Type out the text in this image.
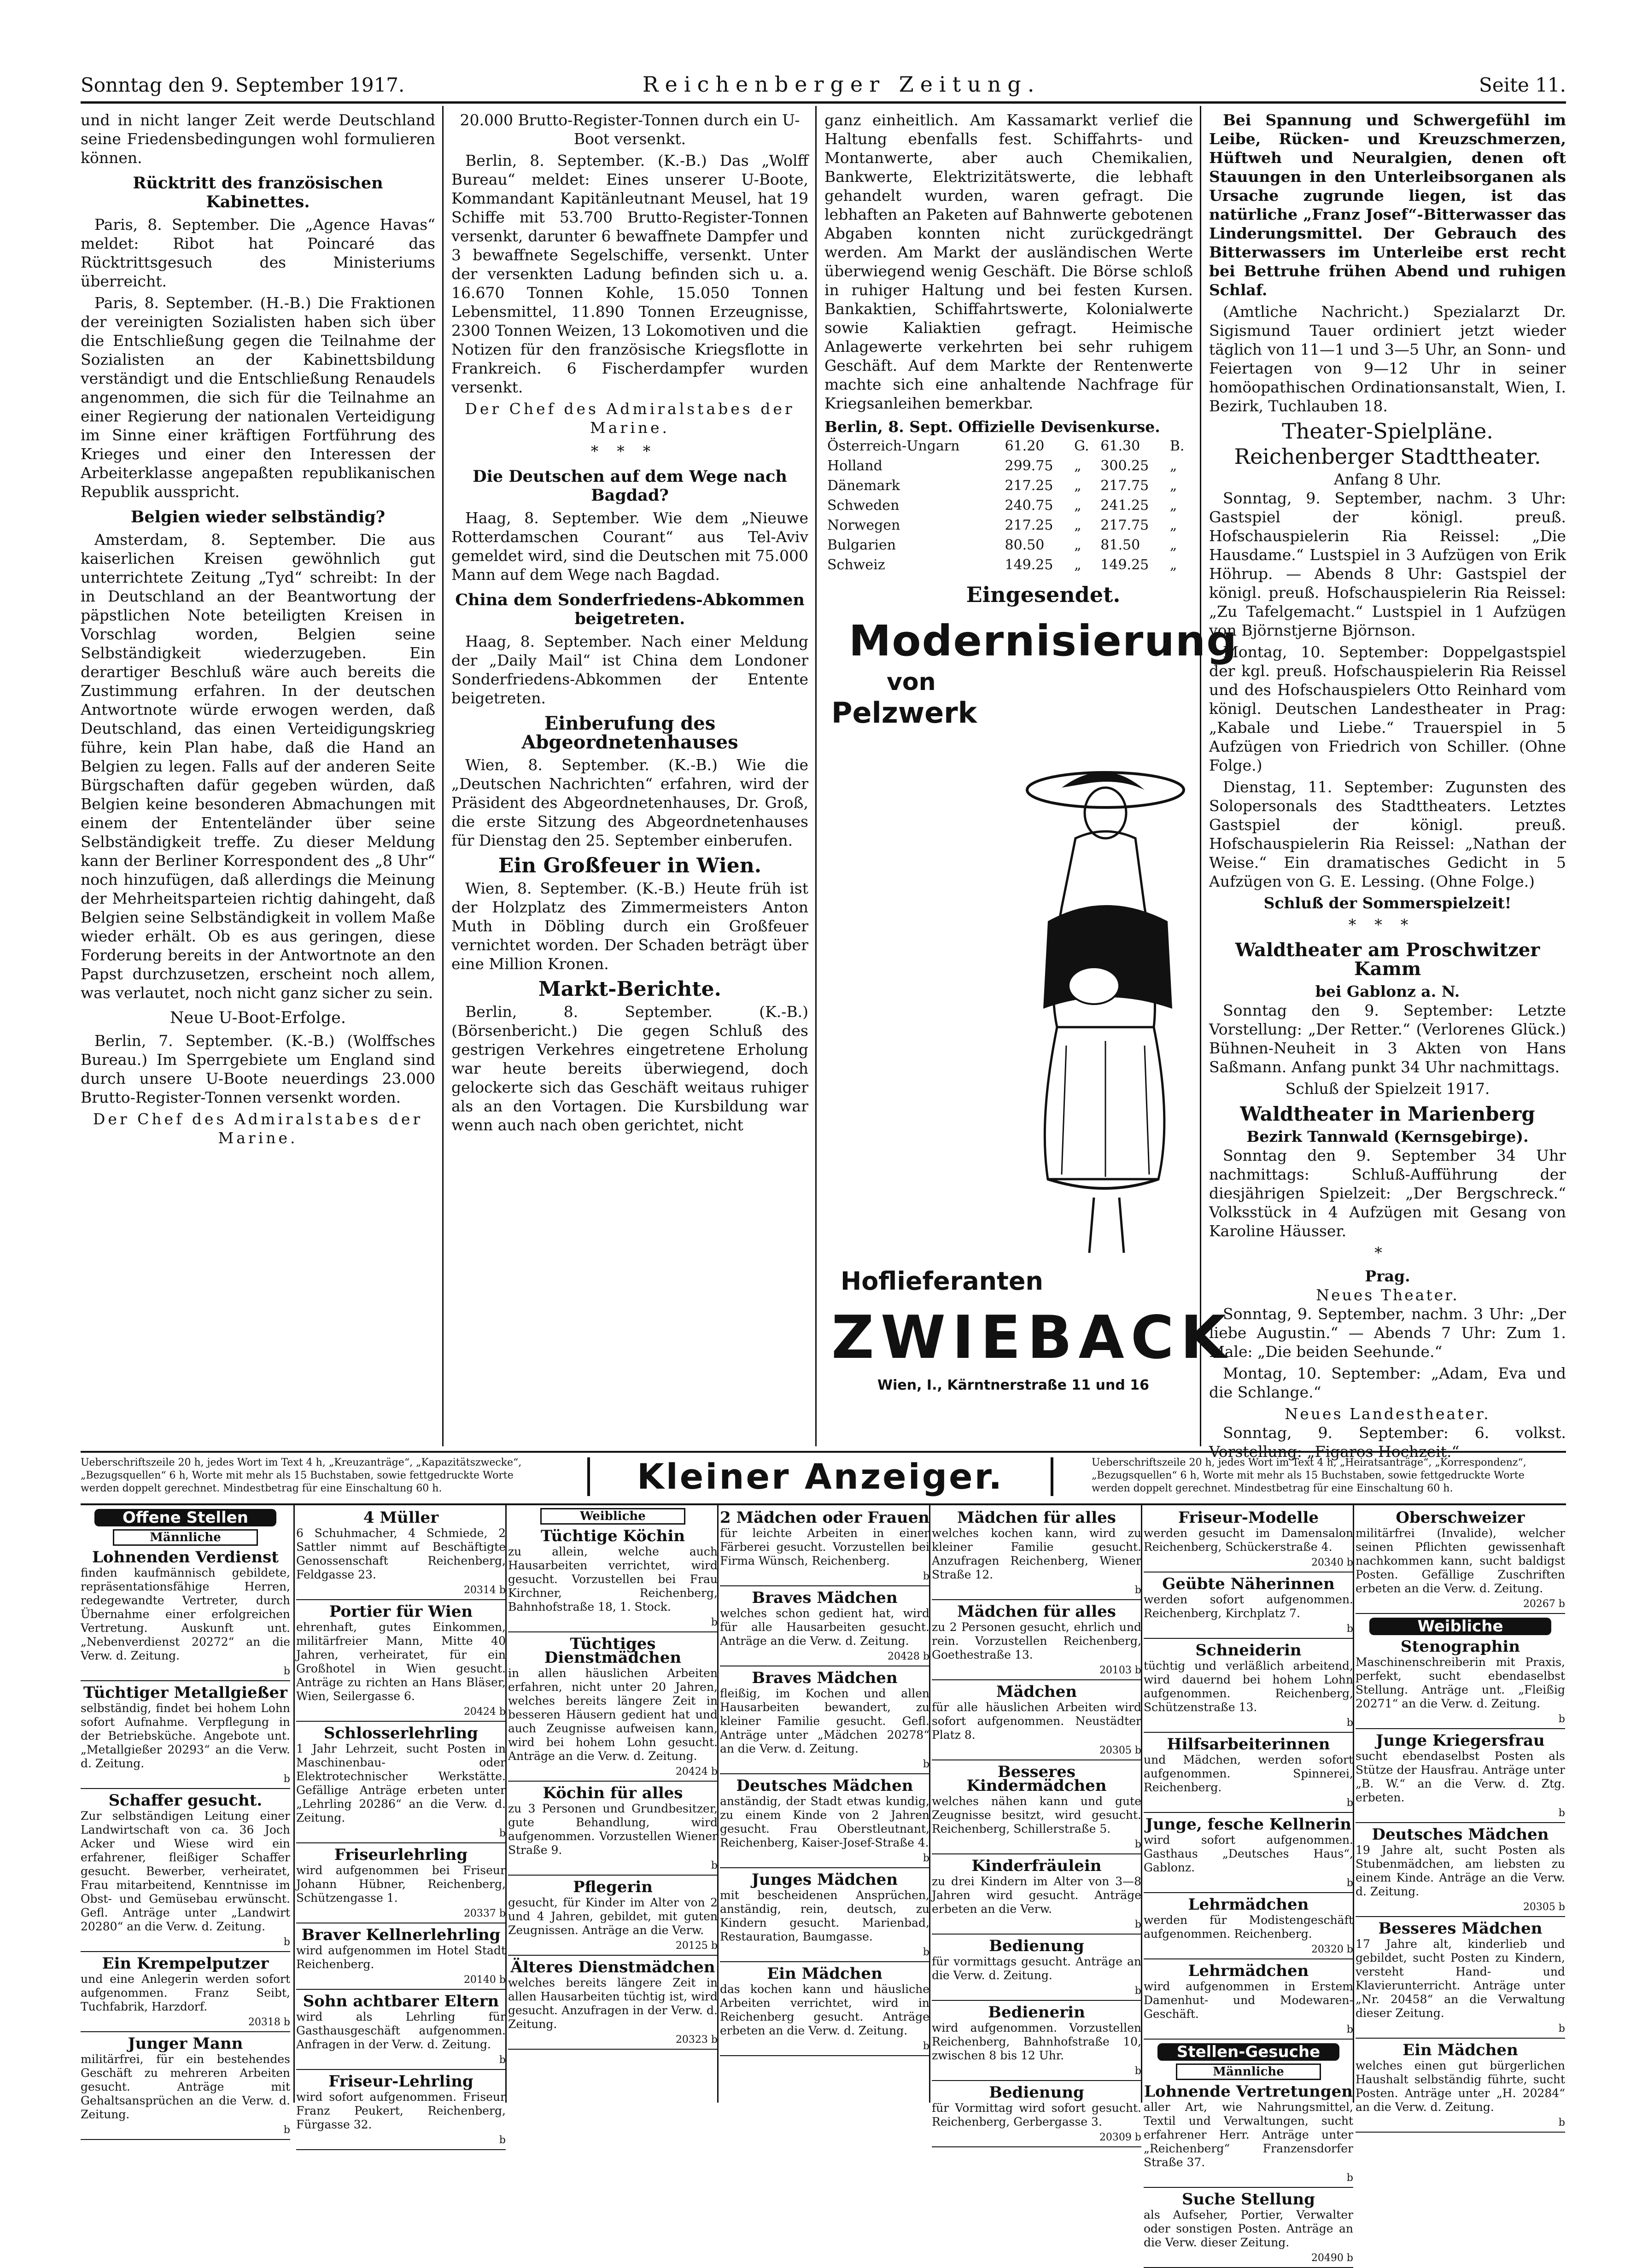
Sonntag den 9. September 1917.	Reichenberger Zeitung.	Seite 11.

und in nicht langer Zeit werde Deutschland seine Friedensbedingungen wohl formulieren können.

Rücktritt des französischen Kabinettes.

Paris, 8. September. Die „Agence Havas“ meldet: Ribot hat Poincaré das Rücktrittsgesuch des Ministeriums überreicht.

Paris, 8. September. (H.-B.) Die Fraktionen der vereinigten Sozialisten haben sich über die Entschließung gegen die Teilnahme der Sozialisten an der Kabinettsbildung verständigt und die Entschließung Renaudels angenommen, die sich für die Teilnahme an einer Regierung der nationalen Verteidigung im Sinne einer kräftigen Fortführung des Krieges und einer den Interessen der Arbeiterklasse angepaßten republikanischen Republik ausspricht.

Belgien wieder selbständig?

Amsterdam, 8. September. Die aus kaiserlichen Kreisen gewöhnlich gut unterrichtete Zeitung „Tyd“ schreibt: In der in Deutschland an der Beantwortung der päpstlichen Note beteiligten Kreisen in Vorschlag worden, Belgien seine Selbständigkeit wiederzugeben. Ein derartiger Beschluß wäre auch bereits die Zustimmung erfahren. In der deutschen Antwortnote würde erwogen werden, daß Deutschland, das einen Verteidigungskrieg führe, kein Plan habe, daß die Hand an Belgien zu legen. Falls auf der anderen Seite Bürgschaften dafür gegeben würden, daß Belgien keine besonderen Abmachungen mit einem der Ententeländer über seine Selbständigkeit treffe. Zu dieser Meldung kann der Berliner Korrespondent des „8 Uhr“ noch hinzufügen, daß allerdings die Meinung der Mehrheitsparteien richtig dahingeht, daß Belgien seine Selbständigkeit in vollem Maße wieder erhält. Ob es aus geringen, diese Forderung bereits in der Antwortnote an den Papst durchzusetzen, erscheint noch allem, was verlautet, noch nicht ganz sicher zu sein.

Neue U-Boot-Erfolge.

Berlin, 7. September. (K.-B.) (Wolffsches Bureau.) Im Sperrgebiete um England sind durch unsere U-Boote neuerdings 23.000 Brutto-Register-Tonnen versenkt worden.

Der Chef des Admiralstabes der Marine.

20.000 Brutto-Register-Tonnen durch ein U-Boot versenkt.

Berlin, 8. September. (K.-B.) Das „Wolff Bureau“ meldet: Eines unserer U-Boote, Kommandant Kapitänleutnant Meusel, hat 19 Schiffe mit 53.700 Brutto-Register-Tonnen versenkt, darunter 6 bewaffnete Dampfer und 3 bewaffnete Segelschiffe, versenkt. Unter der versenkten Ladung befinden sich u. a. 16.670 Tonnen Kohle, 15.050 Tonnen Lebensmittel, 11.890 Tonnen Erzeugnisse, 2300 Tonnen Weizen, 13 Lokomotiven und die Notizen für den französische Kriegsflotte in Frankreich. 6 Fischerdampfer wurden versenkt.

Der Chef des Admiralstabes der Marine.
***
Die Deutschen auf dem Wege nach Bagdad?

Haag, 8. September. Wie dem „Nieuwe Rotterdamschen Courant“ aus Tel-Aviv gemeldet wird, sind die Deutschen mit 75.000 Mann auf dem Wege nach Bagdad.

China dem Sonderfriedens-Abkommen beigetreten.

Haag, 8. September. Nach einer Meldung der „Daily Mail“ ist China dem Londoner Sonderfriedens-Abkommen der Entente beigetreten.

Einberufung des Abgeordnetenhauses

Wien, 8. September. (K.-B.) Wie die „Deutschen Nachrichten“ erfahren, wird der Präsident des Abgeordnetenhauses, Dr. Groß, die erste Sitzung des Abgeordnetenhauses für Dienstag den 25. September einberufen.

Ein Großfeuer in Wien.

Wien, 8. September. (K.-B.) Heute früh ist der Holzplatz des Zimmermeisters Anton Muth in Döbling durch ein Großfeuer vernichtet worden. Der Schaden beträgt über eine Million Kronen.

Markt-Berichte.

Berlin, 8. September. (K.-B.) (Börsenbericht.) Die gegen Schluß des gestrigen Verkehres eingetretene Erholung war heute bereits überwiegend, doch gelockerte sich das Geschäft weitaus ruhiger als an den Vortagen. Die Kursbildung war wenn auch nach oben gerichtet, nicht

ganz einheitlich. Am Kassamarkt verlief die Haltung ebenfalls fest. Schiffahrts- und Montanwerte, aber auch Chemikalien, Bankwerte, Elektrizitätswerte, die lebhaft gehandelt wurden, waren gefragt. Die lebhaften an Paketen auf Bahnwerte gebotenen Abgaben konnten nicht zurückgedrängt werden. Am Markt der ausländischen Werte überwiegend wenig Geschäft. Die Börse schloß in ruhiger Haltung und bei festen Kursen. Bankaktien, Schiffahrtswerte, Kolonialwerte sowie Kaliaktien gefragt. Heimische Anlagewerte verkehrten bei sehr ruhigem Geschäft. Auf dem Markte der Rentenwerte machte sich eine anhaltende Nachfrage für Kriegsanleihen bemerkbar.

Berlin, 8. Sept. Offizielle Devisenkurse.
Österreich-Ungarn	61.20	G.	61.30	B.
Holland	299.75	„	300.25	„
Dänemark	217.25	„	217.75	„
Schweden	240.75	„	241.25	„
Norwegen	217.25	„	217.75	„
Bulgarien	80.50	„	81.50	„
Schweiz	149.25	„	149.25	„
Eingesendet.
Modernisierung
von
Pelzwerk
Hoflieferanten
ZWIEBACK
Wien, I., Kärntnerstraße 11 und 16

Bei Spannung und Schwergefühl im Leibe, Rücken- und Kreuzschmerzen, Hüftweh und Neuralgien, denen oft Stauungen in den Unterleibsorganen als Ursache zugrunde liegen, ist das natürliche „Franz Josef“-Bitterwasser das Linderungsmittel. Der Gebrauch des Bitterwassers im Unterleibe erst recht bei Bettruhe frühen Abend und ruhigen Schlaf.

(Amtliche Nachricht.) Spezialarzt Dr. Sigismund Tauer ordiniert jetzt wieder täglich von 11—1 und 3—5 Uhr, an Sonn- und Feiertagen von 9—12 Uhr in seiner homöopathischen Ordinationsanstalt, Wien, I. Bezirk, Tuchlauben 18.

Theater-Spielpläne.
Reichenberger Stadttheater.
Anfang 8 Uhr.

Sonntag, 9. September, nachm. 3 Uhr: Gastspiel der königl. preuß. Hofschauspielerin Ria Reissel: „Die Hausdame.“ Lustspiel in 3 Aufzügen von Erik Höhrup. — Abends 8 Uhr: Gastspiel der königl. preuß. Hofschauspielerin Ria Reissel: „Zu Tafelgemacht.“ Lustspiel in 1 Aufzügen von Björnstjerne Björnson.

Montag, 10. September: Doppelgastspiel der kgl. preuß. Hofschauspielerin Ria Reissel und des Hofschauspielers Otto Reinhard vom königl. Deutschen Landestheater in Prag: „Kabale und Liebe.“ Trauerspiel in 5 Aufzügen von Friedrich von Schiller. (Ohne Folge.)

Dienstag, 11. September: Zugunsten des Solopersonals des Stadttheaters. Letztes Gastspiel der königl. preuß. Hofschauspielerin Ria Reissel: „Nathan der Weise.“ Ein dramatisches Gedicht in 5 Aufzügen von G. E. Lessing. (Ohne Folge.)

Schluß der Sommerspielzeit!
***
Waldtheater am Proschwitzer Kamm
bei Gablonz a. N.

Sonntag den 9. September: Letzte Vorstellung: „Der Retter.“ (Verlorenes Glück.) Bühnen-Neuheit in 3 Akten von Hans Saßmann. Anfang punkt 34 Uhr nachmittags.

Schluß der Spielzeit 1917.
Waldtheater in Marienberg
Bezirk Tannwald (Kernsgebirge).

Sonntag den 9. September 34 Uhr nachmittags: Schluß-Aufführung der diesjährigen Spielzeit: „Der Bergschreck.“ Volksstück in 4 Aufzügen mit Gesang von Karoline Häusser.

*
Prag.
Neues Theater.

Sonntag, 9. September, nachm. 3 Uhr: „Der liebe Augustin.“ — Abends 7 Uhr: Zum 1. Male: „Die beiden Seehunde.“

Montag, 10. September: „Adam, Eva und die Schlange.“

Neues Landestheater.

Sonntag, 9. September: 6. volkst. Vorstellung: „Figaros Hochzeit.“

Ueberschriftszeile 20 h, jedes Wort im Text 4 h, „Kreuzanträge“, „Kapazitätszwecke“, „Bezugsquellen“ 6 h, Worte mit mehr als 15 Buchstaben, sowie fettgedruckte Worte werden doppelt gerechnet. Mindestbetrag für eine Einschaltung 60 h.	Kleiner Anzeiger.	Ueberschriftszeile 20 h, jedes Wort im Text 4 h, „Heiratsanträge“, „Korrespondenz“, „Bezugsquellen“ 6 h, Worte mit mehr als 15 Buchstaben, sowie fettgedruckte Worte werden doppelt gerechnet. Mindestbetrag für eine Einschaltung 60 h.
Offene Stellen
Männliche
Lohnenden Verdienst
finden kaufmännisch gebildete, repräsentationsfähige Herren, redegewandte Vertreter, durch Übernahme einer erfolgreichen Vertretung. Auskunft unt. „Nebenverdienst 20272“ an die Verw. d. Zeitung.
b
Tüchtiger Metallgießer
selbständig, findet bei hohem Lohn sofort Aufnahme. Verpflegung in der Betriebsküche. Angebote unt. „Metallgießer 20293“ an die Verw. d. Zeitung.
b
Schaffer gesucht.
Zur selbständigen Leitung einer Landwirtschaft von ca. 36 Joch Acker und Wiese wird ein erfahrener, fleißiger Schaffer gesucht. Bewerber, verheiratet, Frau mitarbeitend, Kenntnisse im Obst- und Gemüsebau erwünscht. Gefl. Anträge unter „Landwirt 20280“ an die Verw. d. Zeitung.
b
Ein Krempelputzer
und eine Anlegerin werden sofort aufgenommen. Franz Seibt, Tuchfabrik, Harzdorf.
20318 b
Junger Mann
militärfrei, für ein bestehendes Geschäft zu mehreren Arbeiten gesucht. Anträge mit Gehaltsansprüchen an die Verw. d. Zeitung.
b
4 Müller
6 Schuhmacher, 4 Schmiede, 2 Sattler nimmt auf Beschäftigte Genossenschaft Reichenberg, Feldgasse 23.
20314 b
Portier für Wien
ehrenhaft, gutes Einkommen, militärfreier Mann, Mitte 40 Jahren, verheiratet, für ein Großhotel in Wien gesucht. Anträge zu richten an Hans Bläser, Wien, Seilergasse 6.
20424 b
Schlosserlehrling
1 Jahr Lehrzeit, sucht Posten in Maschinenbau- oder Elektrotechnischer Werkstätte. Gefällige Anträge erbeten unter „Lehrling 20286“ an die Verw. d. Zeitung.
b
Friseurlehrling
wird aufgenommen bei Friseur Johann Hübner, Reichenberg, Schützengasse 1.
20337 b
Braver Kellnerlehrling
wird aufgenommen im Hotel Stadt Reichenberg.
20140 b
Sohn achtbarer Eltern
wird als Lehrling für Gasthausgeschäft aufgenommen. Anfragen in der Verw. d. Zeitung.
b
Friseur-Lehrling
wird sofort aufgenommen. Friseur Franz Peukert, Reichenberg, Fürgasse 32.
b
Weibliche
Tüchtige Köchin
zu allein, welche auch Hausarbeiten verrichtet, wird gesucht. Vorzustellen bei Frau Kirchner, Reichenberg, Bahnhofstraße 18, 1. Stock.
b
Tüchtiges Dienstmädchen
in allen häuslichen Arbeiten erfahren, nicht unter 20 Jahren, welches bereits längere Zeit in besseren Häusern gedient hat und auch Zeugnisse aufweisen kann, wird bei hohem Lohn gesucht. Anträge an die Verw. d. Zeitung.
20424 b
Köchin für alles
zu 3 Personen und Grundbesitzer, gute Behandlung, wird aufgenommen. Vorzustellen Wiener Straße 9.
b
Pflegerin
gesucht, für Kinder im Alter von 2 und 4 Jahren, gebildet, mit guten Zeugnissen. Anträge an die Verw.
20125 b
Älteres Dienstmädchen
welches bereits längere Zeit in allen Hausarbeiten tüchtig ist, wird gesucht. Anzufragen in der Verw. d. Zeitung.
20323 b
2 Mädchen oder Frauen
für leichte Arbeiten in einer Färberei gesucht. Vorzustellen bei Firma Wünsch, Reichenberg.
b
Braves Mädchen
welches schon gedient hat, wird für alle Hausarbeiten gesucht. Anträge an die Verw. d. Zeitung.
20428 b
Braves Mädchen
fleißig, im Kochen und allen Hausarbeiten bewandert, zu kleiner Familie gesucht. Gefl. Anträge unter „Mädchen 20278“ an die Verw. d. Zeitung.
b
Deutsches Mädchen
anständig, der Stadt etwas kundig, zu einem Kinde von 2 Jahren gesucht. Frau Oberstleutnant, Reichenberg, Kaiser-Josef-Straße 4.
b
Junges Mädchen
mit bescheidenen Ansprüchen, anständig, rein, deutsch, zu Kindern gesucht. Marienbad, Restauration, Baumgasse.
b
Ein Mädchen
das kochen kann und häusliche Arbeiten verrichtet, wird in Reichenberg gesucht. Anträge erbeten an die Verw. d. Zeitung.
b
Mädchen für alles
welches kochen kann, wird zu kleiner Familie gesucht. Anzufragen Reichenberg, Wiener Straße 12.
b
Mädchen für alles
zu 2 Personen gesucht, ehrlich und rein. Vorzustellen Reichenberg, Goethestraße 13.
20103 b
Mädchen
für alle häuslichen Arbeiten wird sofort aufgenommen. Neustädter Platz 8.
20305 b
Besseres Kindermädchen
welches nähen kann und gute Zeugnisse besitzt, wird gesucht. Reichenberg, Schillerstraße 5.
b
Kinderfräulein
zu drei Kindern im Alter von 3—8 Jahren wird gesucht. Anträge erbeten an die Verw.
b
Bedienung
für vormittags gesucht. Anträge an die Verw. d. Zeitung.
b
Bedienerin
wird aufgenommen. Vorzustellen Reichenberg, Bahnhofstraße 10, zwischen 8 bis 12 Uhr.
b
Bedienung
für Vormittag wird sofort gesucht. Reichenberg, Gerbergasse 3.
20309 b
Friseur-Modelle
werden gesucht im Damensalon Reichenberg, Schückerstraße 4.
20340 b
Geübte Näherinnen
werden sofort aufgenommen. Reichenberg, Kirchplatz 7.
b
Schneiderin
tüchtig und verläßlich arbeitend, wird dauernd bei hohem Lohn aufgenommen. Reichenberg, Schützenstraße 13.
b
Hilfsarbeiterinnen
und Mädchen, werden sofort aufgenommen. Spinnerei, Reichenberg.
b
Junge, fesche Kellnerin
wird sofort aufgenommen. Gasthaus „Deutsches Haus“, Gablonz.
b
Lehrmädchen
werden für Modistengeschäft aufgenommen. Reichenberg.
20320 b
Lehrmädchen
wird aufgenommen in Erstem Damenhut- und Modewaren-Geschäft.
b
Stellen-Gesuche
Männliche
Lohnende Vertretungen
aller Art, wie Nahrungsmittel, Textil und Verwaltungen, sucht erfahrener Herr. Anträge unter „Reichenberg“ Franzensdorfer Straße 37.
b
Suche Stellung
als Aufseher, Portier, Verwalter oder sonstigen Posten. Anträge an die Verw. dieser Zeitung.
20490 b
Oberschweizer
militärfrei (Invalide), welcher seinen Pflichten gewissenhaft nachkommen kann, sucht baldigst Posten. Gefällige Zuschriften erbeten an die Verw. d. Zeitung.
20267 b
Weibliche
Stenographin
Maschinenschreiberin mit Praxis, perfekt, sucht ebendaselbst Stellung. Anträge unt. „Fleißig 20271“ an die Verw. d. Zeitung.
b
Junge Kriegersfrau
sucht ebendaselbst Posten als Stütze der Hausfrau. Anträge unter „B. W.“ an die Verw. d. Ztg. erbeten.
b
Deutsches Mädchen
19 Jahre alt, sucht Posten als Stubenmädchen, am liebsten zu einem Kinde. Anträge an die Verw. d. Zeitung.
20305 b
Besseres Mädchen
17 Jahre alt, kinderlieb und gebildet, sucht Posten zu Kindern, versteht Hand- und Klavierunterricht. Anträge unter „Nr. 20458“ an die Verwaltung dieser Zeitung.
b
Ein Mädchen
welches einen gut bürgerlichen Haushalt selbständig führte, sucht Posten. Anträge unter „H. 20284“ an die Verw. d. Zeitung.
b
